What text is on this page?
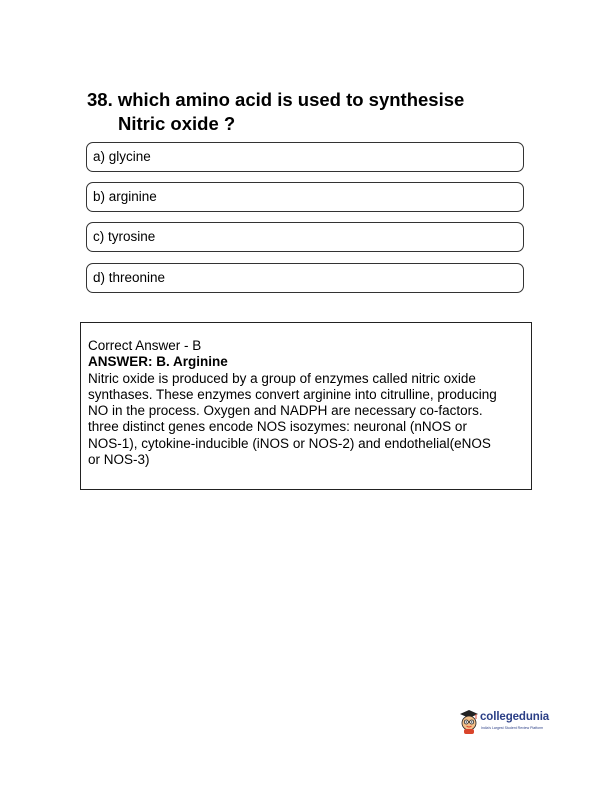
38. which amino acid is used to synthesise
Nitric oxide ?
a) glycine
b) arginine
c) tyrosine
d) threonine
Correct Answer - B
ANSWER: B. Arginine
Nitric oxide is produced by a group of enzymes called nitric oxide
synthases. These enzymes convert arginine into citrulline, producing
NO in the process. Oxygen and NADPH are necessary co-factors.
three distinct genes encode NOS isozymes: neuronal (nNOS or
NOS-1), cytokine-inducible (iNOS or NOS-2) and endothelial(eNOS
or NOS-3)
collegedunia
India's Largest Student Review Platform
